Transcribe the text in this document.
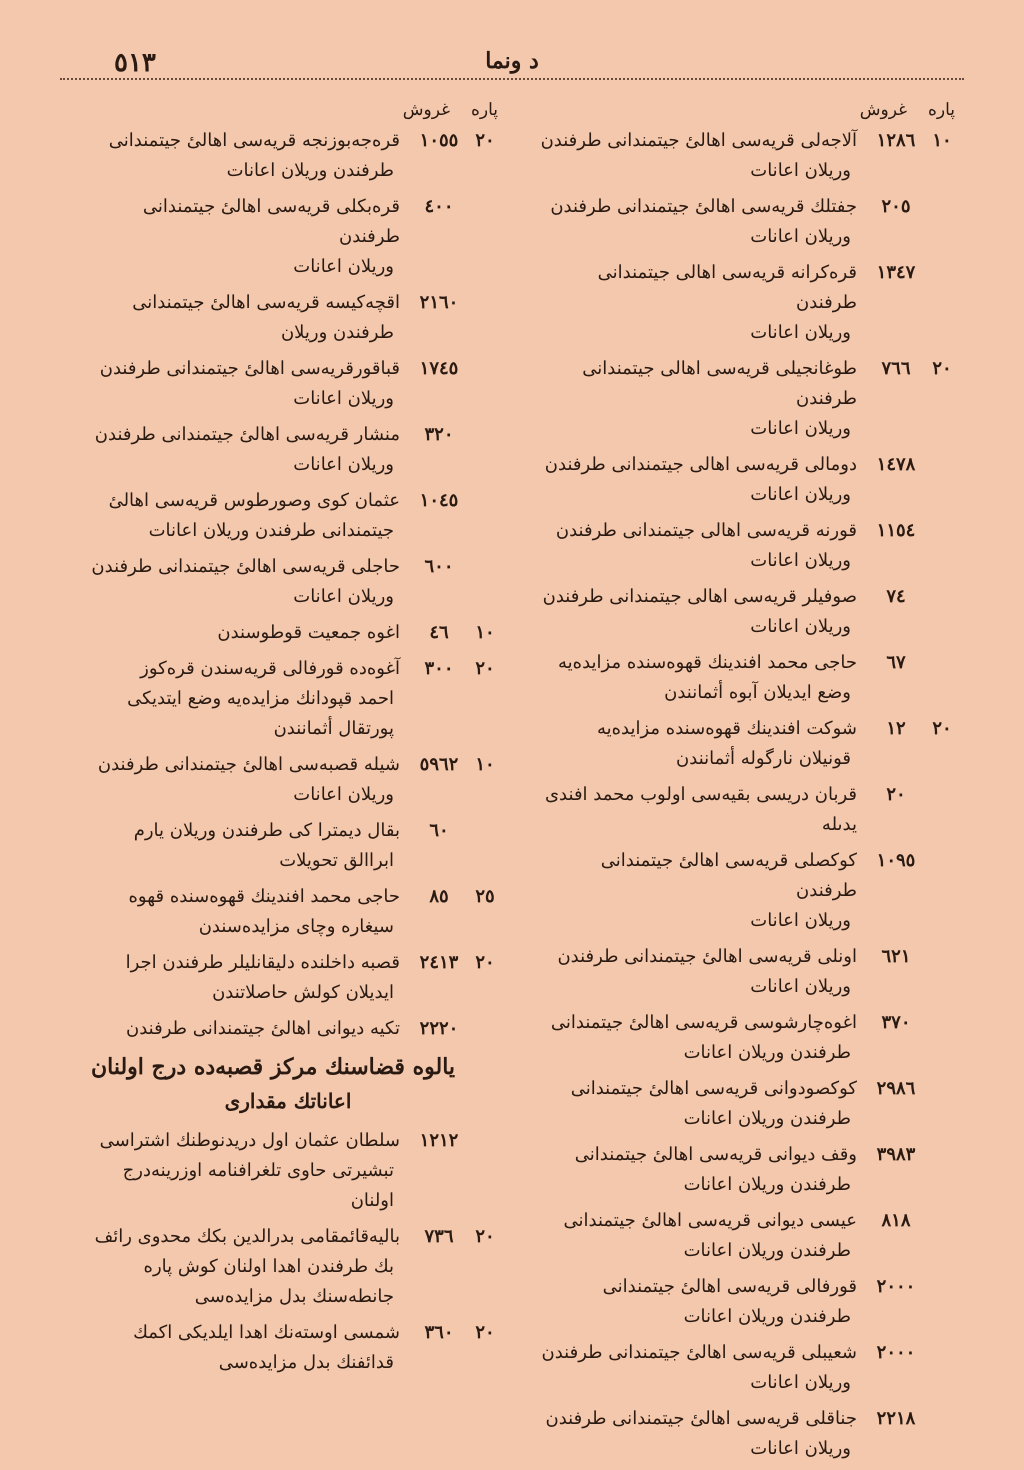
٥١٣	د ونما
پاره
غروش
١٠
١٢٨٦
آلاجەلى قريەسى اهالىٔ جيتمندانى طرفندن
وريلان اعانات
٢٠٥
جفتلك قريەسى اهالىٔ جيتمندانى طرفندن
وريلان اعانات
١٣٤٧
قرەكرانە قريەسى اهالى جيتمندانى طرفندن
وريلان اعانات
٢٠
٧٦٦
طوغانجيلى قريەسى اهالى جيتمندانى طرفندن
وريلان اعانات
١٤٧٨
دومالى قريەسى اهالى جيتمندانى طرفندن
وريلان اعانات
١١٥٤
قورنە قريەسى اهالى جيتمندانى طرفندن
وريلان اعانات
٧٤
صوفيلر قريەسى اهالى جيتمندانى طرفندن
وريلان اعانات
٦٧
حاجى محمد افندينك قهوەسندە مزايدەيە
وضع ايديلان آبوە أثمانندن
٢٠
١٢
شوكت افندينك قهوەسندە مزايدەيە
قونيلان نارگولە أثمانندن
٢٠
قربان دريسى بقيەسى اولوب محمد افندى يدىلە
١٠٩٥
كوكصلى قريەسى اهالىٔ جيتمندانى طرفندن
وريلان اعانات
٦٢١
اونلى قريەسى اهالىٔ جيتمندانى طرفندن
وريلان اعانات
٣٧٠
اغوەچارشوسى قريەسى اهالىٔ جيتمندانى
طرفندن وريلان اعانات
٢٩٨٦
كوكصودوانى قريەسى اهالىٔ جيتمندانى
طرفندن وريلان اعانات
٣٩٨٣
وقف ديوانى قريەسى اهالىٔ جيتمندانى
طرفندن وريلان اعانات
٨١٨
عيسى ديوانى قريەسى اهالىٔ جيتمندانى
طرفندن وريلان اعانات
٢٠٠٠
قورفالى قريەسى اهالىٔ جيتمندانى
طرفندن وريلان اعانات
٢٠٠٠
شعيبلى قريەسى اهالىٔ جيتمندانى طرفندن
وريلان اعانات
٢٢١٨
جناقلى قريەسى اهالىٔ جيتمندانى طرفندن
وريلان اعانات
پاره
غروش
٢٠
١٠٥٥
قرەجەبوزنجە قريەسى اهالىٔ جيتمندانى
طرفندن وريلان اعانات
٤٠٠
قرەبكلى قريەسى اهالىٔ جيتمندانى طرفندن
وريلان اعانات
٢١٦٠
اقچەكيسە قريەسى اهالىٔ جيتمندانى
طرفندن وريلان
١٧٤٥
قباقورقريەسى اهالىٔ جيتمندانى طرفندن
وريلان اعانات
٣٢٠
منشار قريەسى اهالىٔ جيتمندانى طرفندن
وريلان اعانات
١٠٤٥
عثمان كوى وصورطوس قريەسى اهالىٔ
جيتمندانى طرفندن وريلان اعانات
٦٠٠
حاجلى قريەسى اهالىٔ جيتمندانى طرفندن
وريلان اعانات
١٠
٤٦
اغوە جمعيت قوطوسندن
٢٠
٣٠٠
آغوەدە قورفالى قريەسندن قرەكوز
احمد قپودانك مزايدەيە وضع ايتديكى
پورتقال أثمانندن
١٠
٥٩٦٢
شيلە قصبەسى اهالىٔ جيتمندانى طرفندن
وريلان اعانات
٦٠
بقال ديمترا كى طرفندن وريلان يارم
ابراالق تحويلات
٢٥
٨٥
حاجى محمد افندينك قهوەسندە قهوە
سيغارە وچاى مزايدەسندن
٢٠
٢٤١٣
قصبە داخلندە دليقانليلر طرفندن اجرا
ايديلان كولش حاصلاتندن
٢٢٢٠
تكيە ديوانى اهالىٔ جيتمندانى طرفندن
يالوە قضاسنك مركز قصبەدە درج اولنان
اعاناتك مقدارى
١٢١٢
سلطان عثمان اول دريدنوطنك اشتراسى
تبشيرتى حاوى تلغرافنامە اوزرينەدرج
اولنان
٢٠
٧٣٦
باليەقائمقامى بدرالدين بكك محدوى رائف
بك طرفندن اهدا اولنان كوش پارە
جانطەسنك بدل مزايدەسى
٢٠
٣٦٠
شمسى اوستەنك اهدا ايلديكى اكمك
قدائفنك بدل مزايدەسى
